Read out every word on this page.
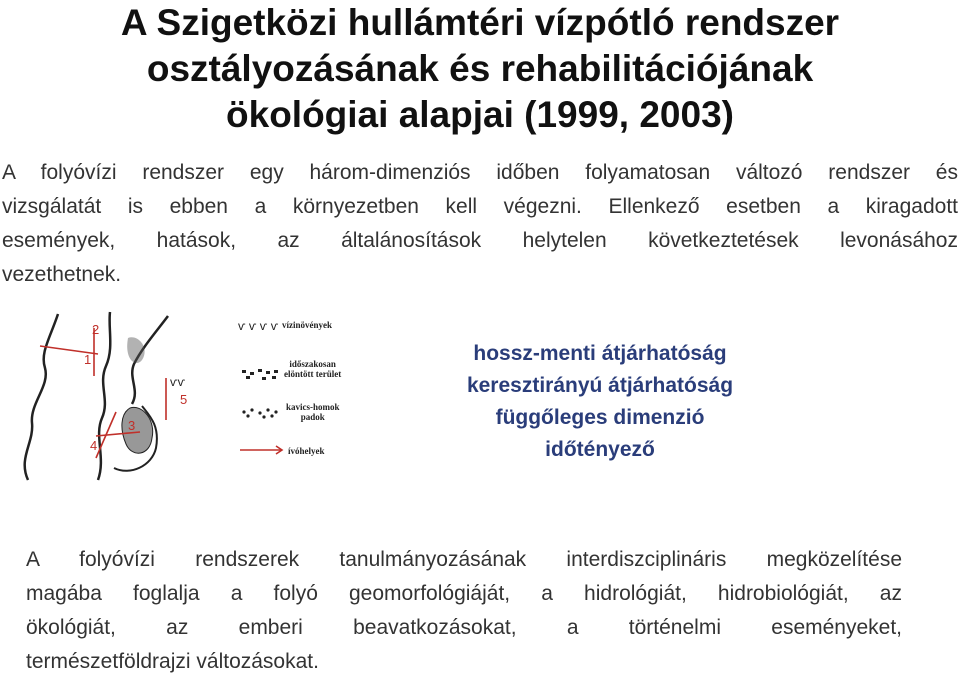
A Szigetközi hullámtéri vízpótló rendszer
osztályozásának és rehabilitációjának
ökológiai alapjai (1999, 2003)
A folyóvízi rendszer egy három-dimenziós időben folyamatosan változó rendszer és
vizsgálatát is ebben a környezetben kell végezni. Ellenkező esetben a kiragadott
események, hatások, az általánosítások helytelen következtetések levonásához
vezethetnek.
ѵѵ
2
1
3
4
5
ѵ ѵ ѵ ѵ vízinövények
időszakosan
elöntött terület
kavics-homok
padok
ívóhelyek
hossz-menti átjárhatóság
keresztirányú átjárhatóság
függőleges dimenzió
időtényező
A folyóvízi rendszerek tanulmányozásának interdiszciplináris megközelítése
magába foglalja a folyó geomorfológiáját, a hidrológiát, hidrobiológiát, az
ökológiát, az emberi beavatkozásokat, a történelmi eseményeket,
természetföldrajzi változásokat.
